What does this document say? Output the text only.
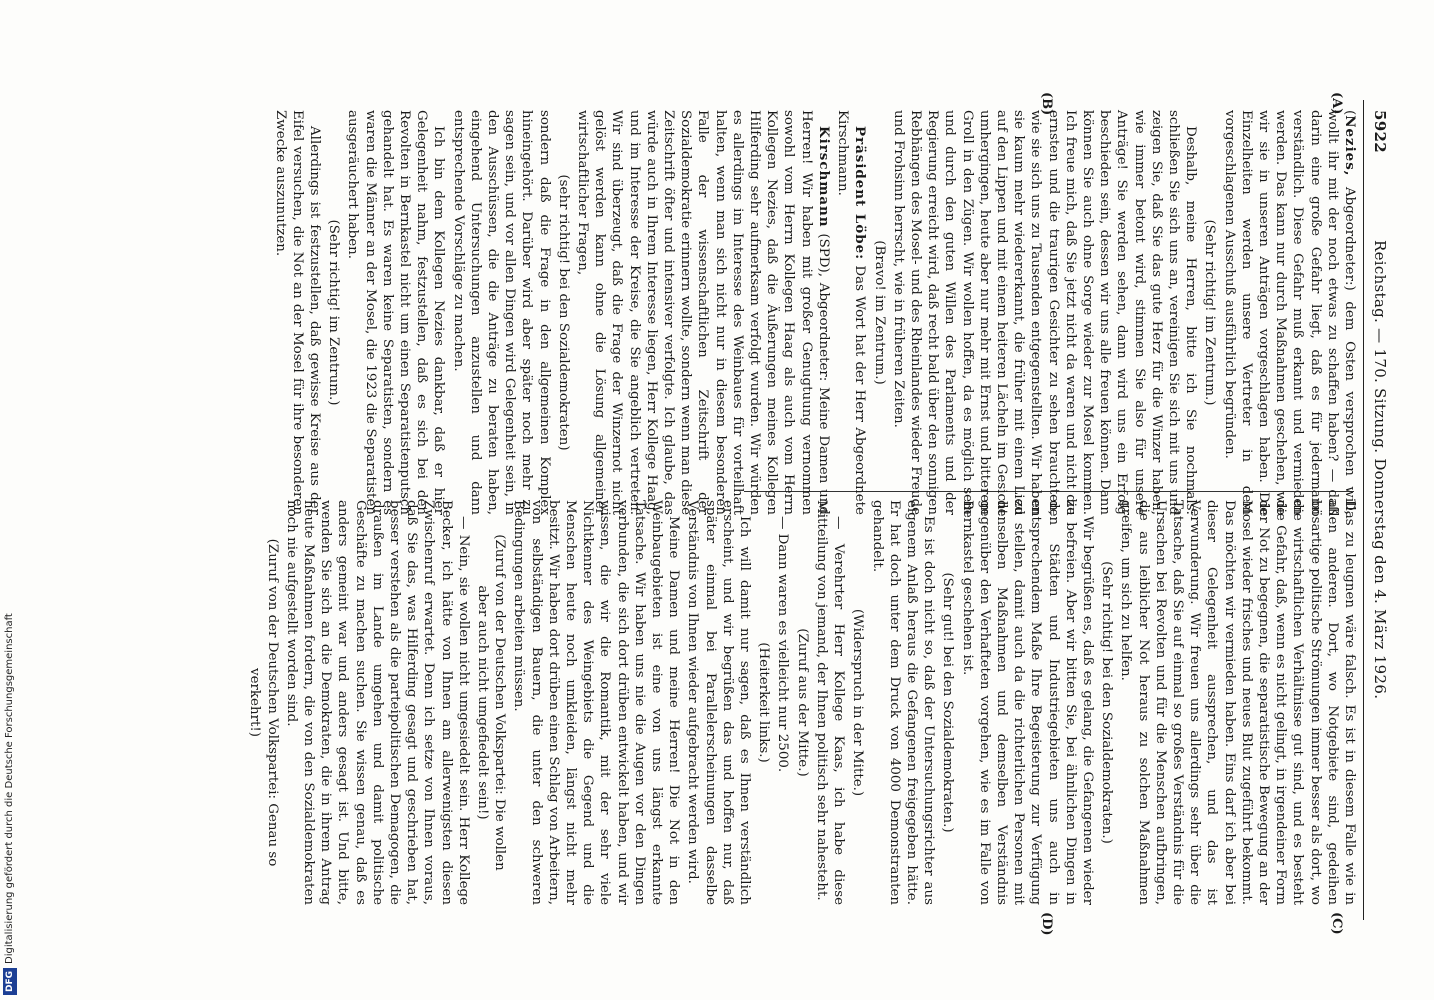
5922
Reichstag. — 170. Sitzung. Donnerstag den 4. März 1926.
(A)
(B)
(C)
(D)

(Nezies, Abgeordneter:) dem Osten versprochen will, wollt ihr mit der noch etwas zu schaffen haben? — daß darin eine große Gefahr liegt, daß es für jedermann verständlich. Diese Gefahr muß erkannt und vermieden werden. Das kann nur durch Maßnahmen geschehen, wie wir sie in unseren Anträgen vorgeschlagen haben. Die Einzelheiten werden unsere Vertreter in dem vorgeschlagenen Ausschuß ausführlich begründen.

(Sehr richtig! im Zentrum.)

Deshalb, meine Herren, bitte ich Sie nochmals: schließen Sie sich uns an, vereinigen Sie sich mit uns und zeigen Sie, daß Sie das gute Herz für die Winzer haben, wie immer betont wird, stimmen Sie also für unsere Anträge! Sie werden sehen, dann wird uns ein Erfolg beschieden sein, dessen wir uns alle freuen können. Dann können Sie auch ohne Sorge wieder zur Mosel kommen. Ich freue mich, daß Sie jetzt nicht da waren und nicht die ernsten und die traurigen Gesichter zu sehen brauchten, wie sie sich uns zu Tausenden entgegenstellten. Wir haben sie kaum mehr wiedererkannt, die früher mit einem Lied auf den Lippen und mit einem heiteren Lächeln im Gesicht umhergingen, heute aber nur mehr mit Ernst und bitterem Groll in den Zügen. Wir wollen hoffen, da es möglich sein und durch den guten Willen des Parlaments und der Regierung erreicht wird, daß recht bald über den sonnigen Rebhängen des Mosel- und des Rheinlandes wieder Freude und Frohsinn herrscht, wie in früheren Zeiten.

(Bravo! im Zentrum.)

Präsident Löbe: Das Wort hat der Herr Abgeordnete Kirschmann.

Kirschmann (SPD), Abgeordneter: Meine Damen und Herren! Wir haben mit großer Genugtuung vernommen sowohl vom Herrn Kollegen Haag als auch vom Herrn Kollegen Nezies, daß die Äußerungen meines Kollegen Hilferding sehr aufmerksam verfolgt wurden. Wir würden es allerdings im Interesse des Weinbaues für vorteilhaft halten, wenn man sich nicht nur in diesem besonderen Falle der wissenschaftlichen Zeitschrift der Sozialdemokratie erinnern wollte, sondern wenn man diese Zeitschrift öfter und intensiver verfolgte. Ich glaube, das würde auch in Ihrem Interesse liegen, Herr Kollege Haag, und im Interesse der Kreise, die Sie angeblich vertreten. Wir sind überzeugt, daß die Frage der Winzernot nicht gelöst werden kann ohne die Lösung allgemeiner wirtschaftlicher Fragen,

(sehr richtig! bei den Sozialdemokraten)

sondern daß die Frage in den allgemeinen Komplex hineingehört. Darüber wird aber später noch mehr zu sagen sein, und vor allen Dingen wird Gelegenheit sein, in den Ausschüssen, die die Anträge zu beraten haben, eingehend Untersuchungen anzustellen und dann entsprechende Vorschläge zu machen.

Ich bin dem Kollegen Nezies dankbar, daß er hier Gelegenheit nahm, festzustellen, daß es sich bei den Revolten in Bernkastel nicht um einen Separatistenputsch gehandelt hat. Es waren keine Separatisten, sondern es waren die Männer an der Mosel, die 1923 die Separatisten ausgeräuchert haben.

(Sehr richtig! im Zentrum.)

Allerdings ist festzustellen, daß gewisse Kreise aus der Eifel versuchen, die Not an der Mosel für ihre besonderen Zwecke auszunutzen.

Das zu leugnen wäre falsch. Es ist in diesem Falle wie in allen anderen. Dort, wo Notgebiete sind, gedeihen bösartige politische Strömungen immer besser als dort, wo die wirtschaftlichen Verhältnisse gut sind, und es besteht die Gefahr, daß, wenn es nicht gelingt, in irgendeiner Form der Not zu begegnen, die separatistische Bewegung an der Mosel wieder frisches und neues Blut zugeführt bekommt. Das möchten wir vermieden haben. Eins darf ich aber bei dieser Gelegenheit aussprechen, und das ist Verwunderung. Wir freuen uns allerdings sehr über die Tatsache, daß Sie auf einmal so großes Verständnis für die Ursachen bei Revolten und für die Menschen aufbringen, die aus leiblicher Not heraus zu solchen Maßnahmen greifen, um sich zu helfen.

(Sehr richtig! bei den Sozialdemokraten.)

Wir begrüßen es, daß es gelang, die Gefangenen wieder zu befreien. Aber wir bitten Sie, bei ähnlichen Dingen in den Städten und Industriegebieten uns auch in entsprechendem Maße Ihre Begeisterung zur Verfügung zu stellen, damit auch da die richterlichen Personen mit denselben Maßnahmen und demselben Verständnis gegenüber den Verhafteten vorgehen, wie es im Falle von Bernkastel geschehen ist.

(Sehr gut! bei den Sozialdemokraten.)

Es ist doch nicht so, daß der Untersuchungsrichter aus eigenem Anlaß heraus die Gefangenen freigegeben hätte. Er hat doch unter dem Druck von 4000 Demonstranten gehandelt.

(Widerspruch in der Mitte.)

— Verehrter Herr Kollege Kaas, ich habe diese Mitteilung von jemand, der Ihnen politisch sehr nahesteht.

(Zuruf aus der Mitte.)

— Dann waren es vielleicht nur 2500.

(Heiterkeit links.)

Ich will damit nur sagen, daß es Ihnen verständlich erscheint, und wir begrüßen das und hoffen nur, daß später einmal bei Parallelerscheinungen dasselbe Verständnis von Ihnen wieder aufgebracht werden wird.

Meine Damen und meine Herren! Die Not in den Weinbaugebieten ist eine von uns längst erkannte Tatsache. Wir haben uns nie die Augen vor den Dingen verbunden, die sich dort drüben entwickelt haben, und wir wissen, die wir die Romantik, mit der sehr viele Nichtkenner des Weingebiets die Gegend und die Menschen heute noch umkleiden, längst nicht mehr besitzt. Wir haben dort drüben einen Schlag von Arbeitern, von selbständigen Bauern, die unter den schweren Bedingungen arbeiten müssen.

(Zuruf von der Deutschen Volkspartei: Die wollen aber auch nicht umgefiedelt sein!)

— Nein, sie wollen nicht umgesiedelt sein. Herr Kollege Becker, ich hätte von Ihnen am allerwenigsten diesen Zwischenruf erwartet. Denn ich setze von Ihnen voraus, daß Sie das, was Hilferding gesagt und geschrieben hat, besser verstehen als die parteipolitischen Demagogen, die draußen im Lande umgehen und damit politische Geschäfte zu machen suchen. Sie wissen genau, daß es anders gemeint war und anders gesagt ist. Und bitte, wenden Sie sich an die Demokraten, die in ihrem Antrag heute Maßnahmen fordern, die von den Sozialdemokraten noch nie aufgestellt worden sind.

(Zuruf von der Deutschen Volkspartei: Genau so verkehrt!)

DFGDigitalisierung gefördert durch die Deutsche Forschungsgemeinschaft
